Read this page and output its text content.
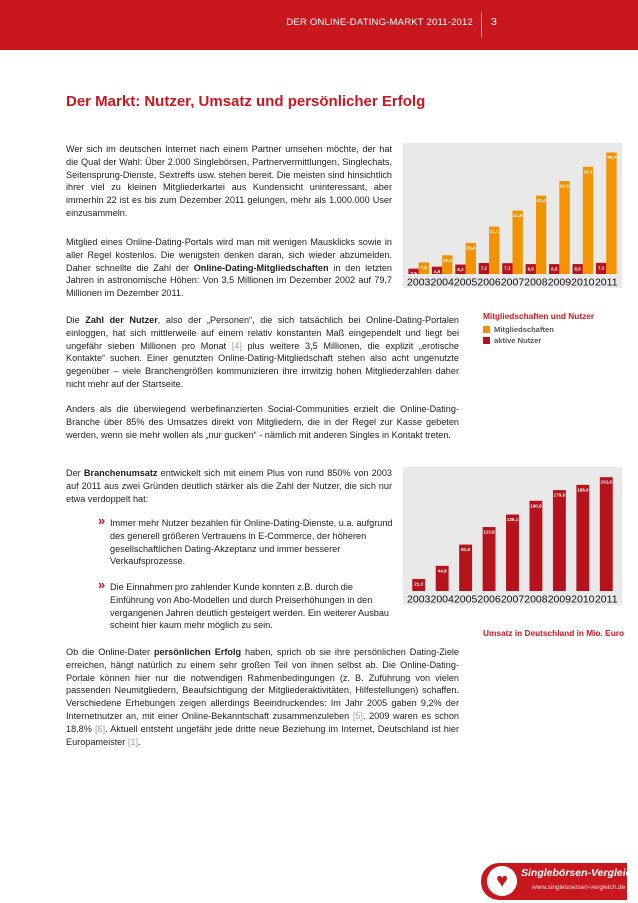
DER ONLINE-DATING-MARKT 2011-2012 3
Der Markt: Nutzer, Umsatz und persönlicher Erfolg

Wer sich im deutschen Internet nach einem Partner umsehen möchte, der hat die Qual der Wahl: Über 2.000 Singlebörsen, Partnervermittlungen, Singlechats, Seitensprung-Dienste, Sextreffs usw. stehen bereit. Die meisten sind hinsichtlich ihrer viel zu kleinen Mitgliederkartei aus Kundensicht uninteressant, aber immerhin 22 ist es bis zum Dezember 2011 gelungen, mehr als 1.000.000 User einzusammeln.

Mitglied eines Online-Dating-Portals wird man mit wenigen Mausklicks sowie in aller Regel kostenlos. Die wenigsten denken daran, sich wieder abzumelden. Daher schnellte die Zahl der Online-Dating-Mitgliedschaften in den letzten Jahren in astronomische Höhen: Von 3,5 Millionen im Dezember 2002 auf 79,7 Millionen im Dezember 2011.

Die Zahl der Nutzer, also der „Personen“, die sich tatsächlich bei Online-Dating-Portalen einloggen, hat sich mittlerweile auf einem relativ konstanten Maß eingependelt und liegt bei ungefähr sieben Millionen pro Monat [4] plus weitere 3,5 Millionen, die explizit „erotische Kontakte“ suchen. Einer genutzten Online-Dating-Mitgliedschaft stehen also acht ungenutzte gegenüber – viele Branchengrößen kommunizieren ihre irrwitzig hohen Mitgliederzahlen daher nicht mehr auf der Startseite.

Anders als die überwiegend werbefinanzierten Social-Communities erzielt die Online-Dating-Branche über 85% des Umsatzes direkt von Mitgliedern, die in der Regel zur Kasse gebeten werden, wenn sie mehr wollen als „nur gucken“ - nämlich mit anderen Singles in Kontakt treten.

Der Branchenumsatz entwickelt sich mit einem Plus von rund 850% von 2003 auf 2011 aus zwei Gründen deutlich stärker als die Zahl der Nutzer, die sich nur etwa verdoppelt hat:

» Immer mehr Nutzer bezahlen für Online-Dating-Dienste, u.a. aufgrund des generell größeren Vertrauens in E-Commerce, der höheren gesellschaftlichen Dating-Akzeptanz und immer besserer Verkaufsprozesse.
» Die Einnahmen pro zahlender Kunde konnten z.B. durch die Einführung von Abo-Modellen und durch Preiserhöhungen in den vergangenen Jahren deutlich gesteigert werden. Ein weiterer Ausbau scheint hier kaum mehr möglich zu sein.

Ob die Online-Dater persönlichen Erfolg haben, sprich ob sie ihre persönlichen Dating-Ziele erreichen, hängt natürlich zu einem sehr großen Teil von ihnen selbst ab. Die Online-Dating-Portale können hier nur die notwendigen Rahmenbedingungen (z. B. Zuführung von vielen passenden Neumitgliedern, Beaufsichtigung der Mitgliederaktivitäten, Hilfestellungen) schaffen. Verschiedene Erhebungen zeigen allerdings Beeindruckendes: Im Jahr 2005 gaben 9,2% der Internetnutzer an, mit einer Online-Bekanntschaft zusammenzuleben [5]. 2009 waren es schon 18,8% [6]. Aktuell entsteht ungefähr jede dritte neue Beziehung im Internet, Deutschland ist hier Europameister [1].

3,5
7,6
2003
4,8
12,3
2004
6,2
20,4
2005
7,2
31,1
2006
7,1
41,6
2007
6,5
51,4
2008
6,5
61,0
2009
6,5
70,3
2010
7,3
79,7
2011
Mitgliedschaften und Nutzer
Mitgliedschaften
aktive Nutzer
21,3
2003
44,8
2004
82,6
2005
113,8
2006
136,1
2007
160,6
2008
179,5
2009
188,9
2010
202,6
2011
Umsatz in Deutschland in Mio. Euro
♥	Singlebörsen-Vergleich
www.singleboersen-vergleich.de
